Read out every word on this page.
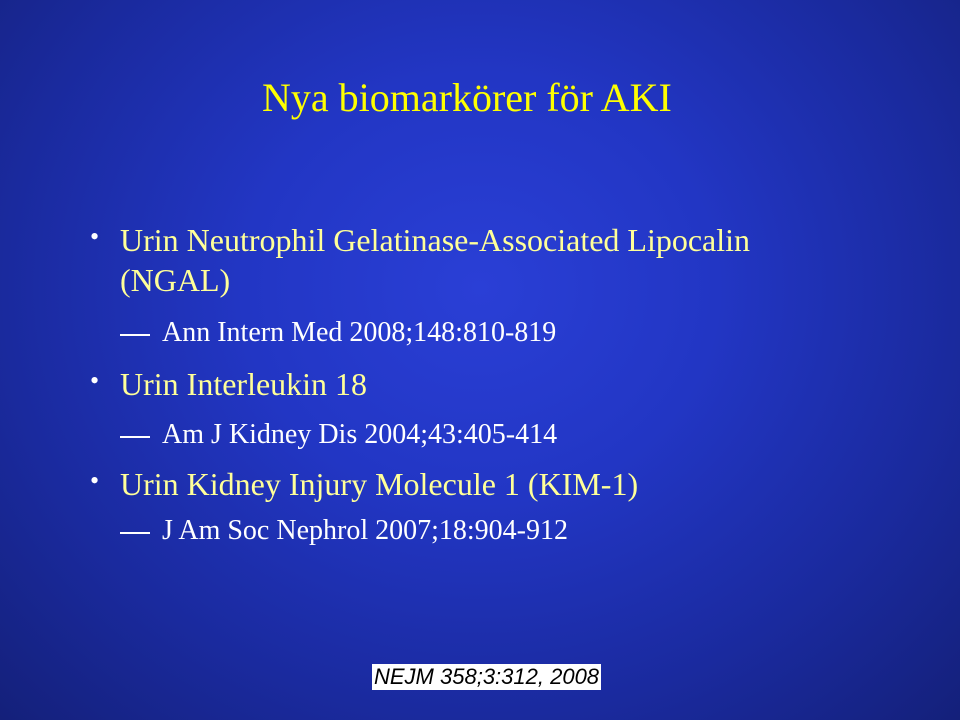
Nya biomarkörer för AKI
• Urin Neutrophil Gelatinase-Associated Lipocalin
(NGAL)
Ann Intern Med 2008;148:810-819
• Urin Interleukin 18
Am J Kidney Dis 2004;43:405-414
• Urin Kidney Injury Molecule 1 (KIM-1)
J Am Soc Nephrol 2007;18:904-912
NEJM 358;3:312, 2008
